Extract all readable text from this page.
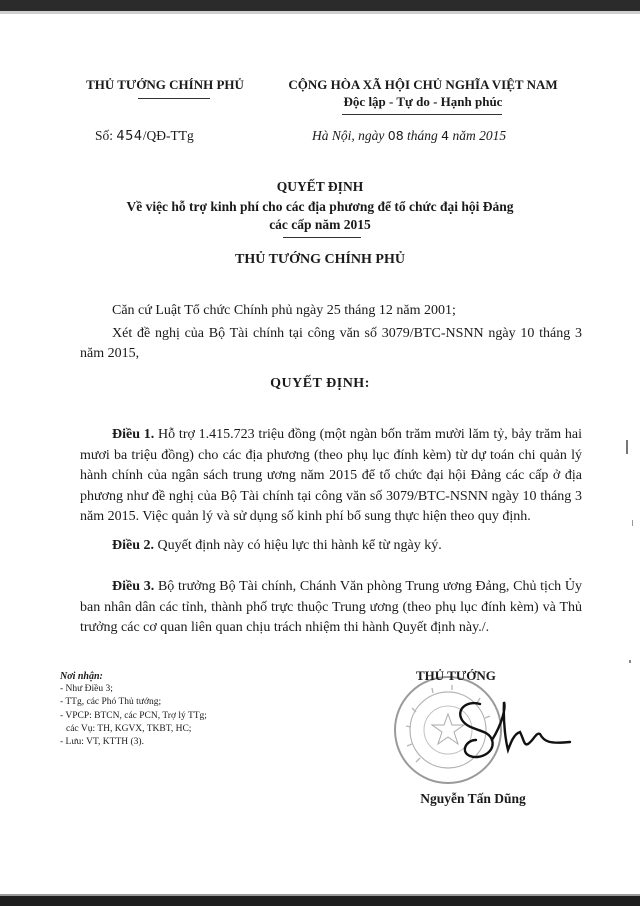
THỦ TƯỚNG CHÍNH PHỦ	CỘNG HÒA XÃ HỘI CHỦ NGHĨA VIỆT NAM
Độc lập - Tự do - Hạnh phúc
Số: 454/QĐ-TTg	Hà Nội, ngày 08 tháng 4 năm 2015
QUYẾT ĐỊNH
Về việc hỗ trợ kinh phí cho các địa phương để tổ chức đại hội Đảng
các cấp năm 2015
THỦ TƯỚNG CHÍNH PHỦ
Căn cứ Luật Tổ chức Chính phủ ngày 25 tháng 12 năm 2001;
Xét đề nghị của Bộ Tài chính tại công văn số 3079/BTC-NSNN ngày 10 tháng 3 năm 2015,
QUYẾT ĐỊNH:
Điều 1. Hỗ trợ 1.415.723 triệu đồng (một ngàn bốn trăm mười lăm tỷ, bảy trăm hai mươi ba triệu đồng) cho các địa phương (theo phụ lục đính kèm) từ dự toán chi quản lý hành chính của ngân sách trung ương năm 2015 để tổ chức đại hội Đảng các cấp ở địa phương như đề nghị của Bộ Tài chính tại công văn số 3079/BTC-NSNN ngày 10 tháng 3 năm 2015. Việc quản lý và sử dụng số kinh phí bổ sung thực hiện theo quy định.
Điều 2. Quyết định này có hiệu lực thi hành kể từ ngày ký.
Điều 3. Bộ trưởng Bộ Tài chính, Chánh Văn phòng Trung ương Đảng, Chủ tịch Ủy ban nhân dân các tỉnh, thành phố trực thuộc Trung ương (theo phụ lục đính kèm) và Thủ trưởng các cơ quan liên quan chịu trách nhiệm thi hành Quyết định này./.
Nơi nhận:
- Như Điều 3;
- TTg, các Phó Thủ tướng;
- VPCP: BTCN, các PCN, Trợ lý TTg;
các Vụ: TH, KGVX, TKBT, HC;
- Lưu: VT, KTTH (3).
THỦ TƯỚNG
Nguyễn Tấn Dũng
